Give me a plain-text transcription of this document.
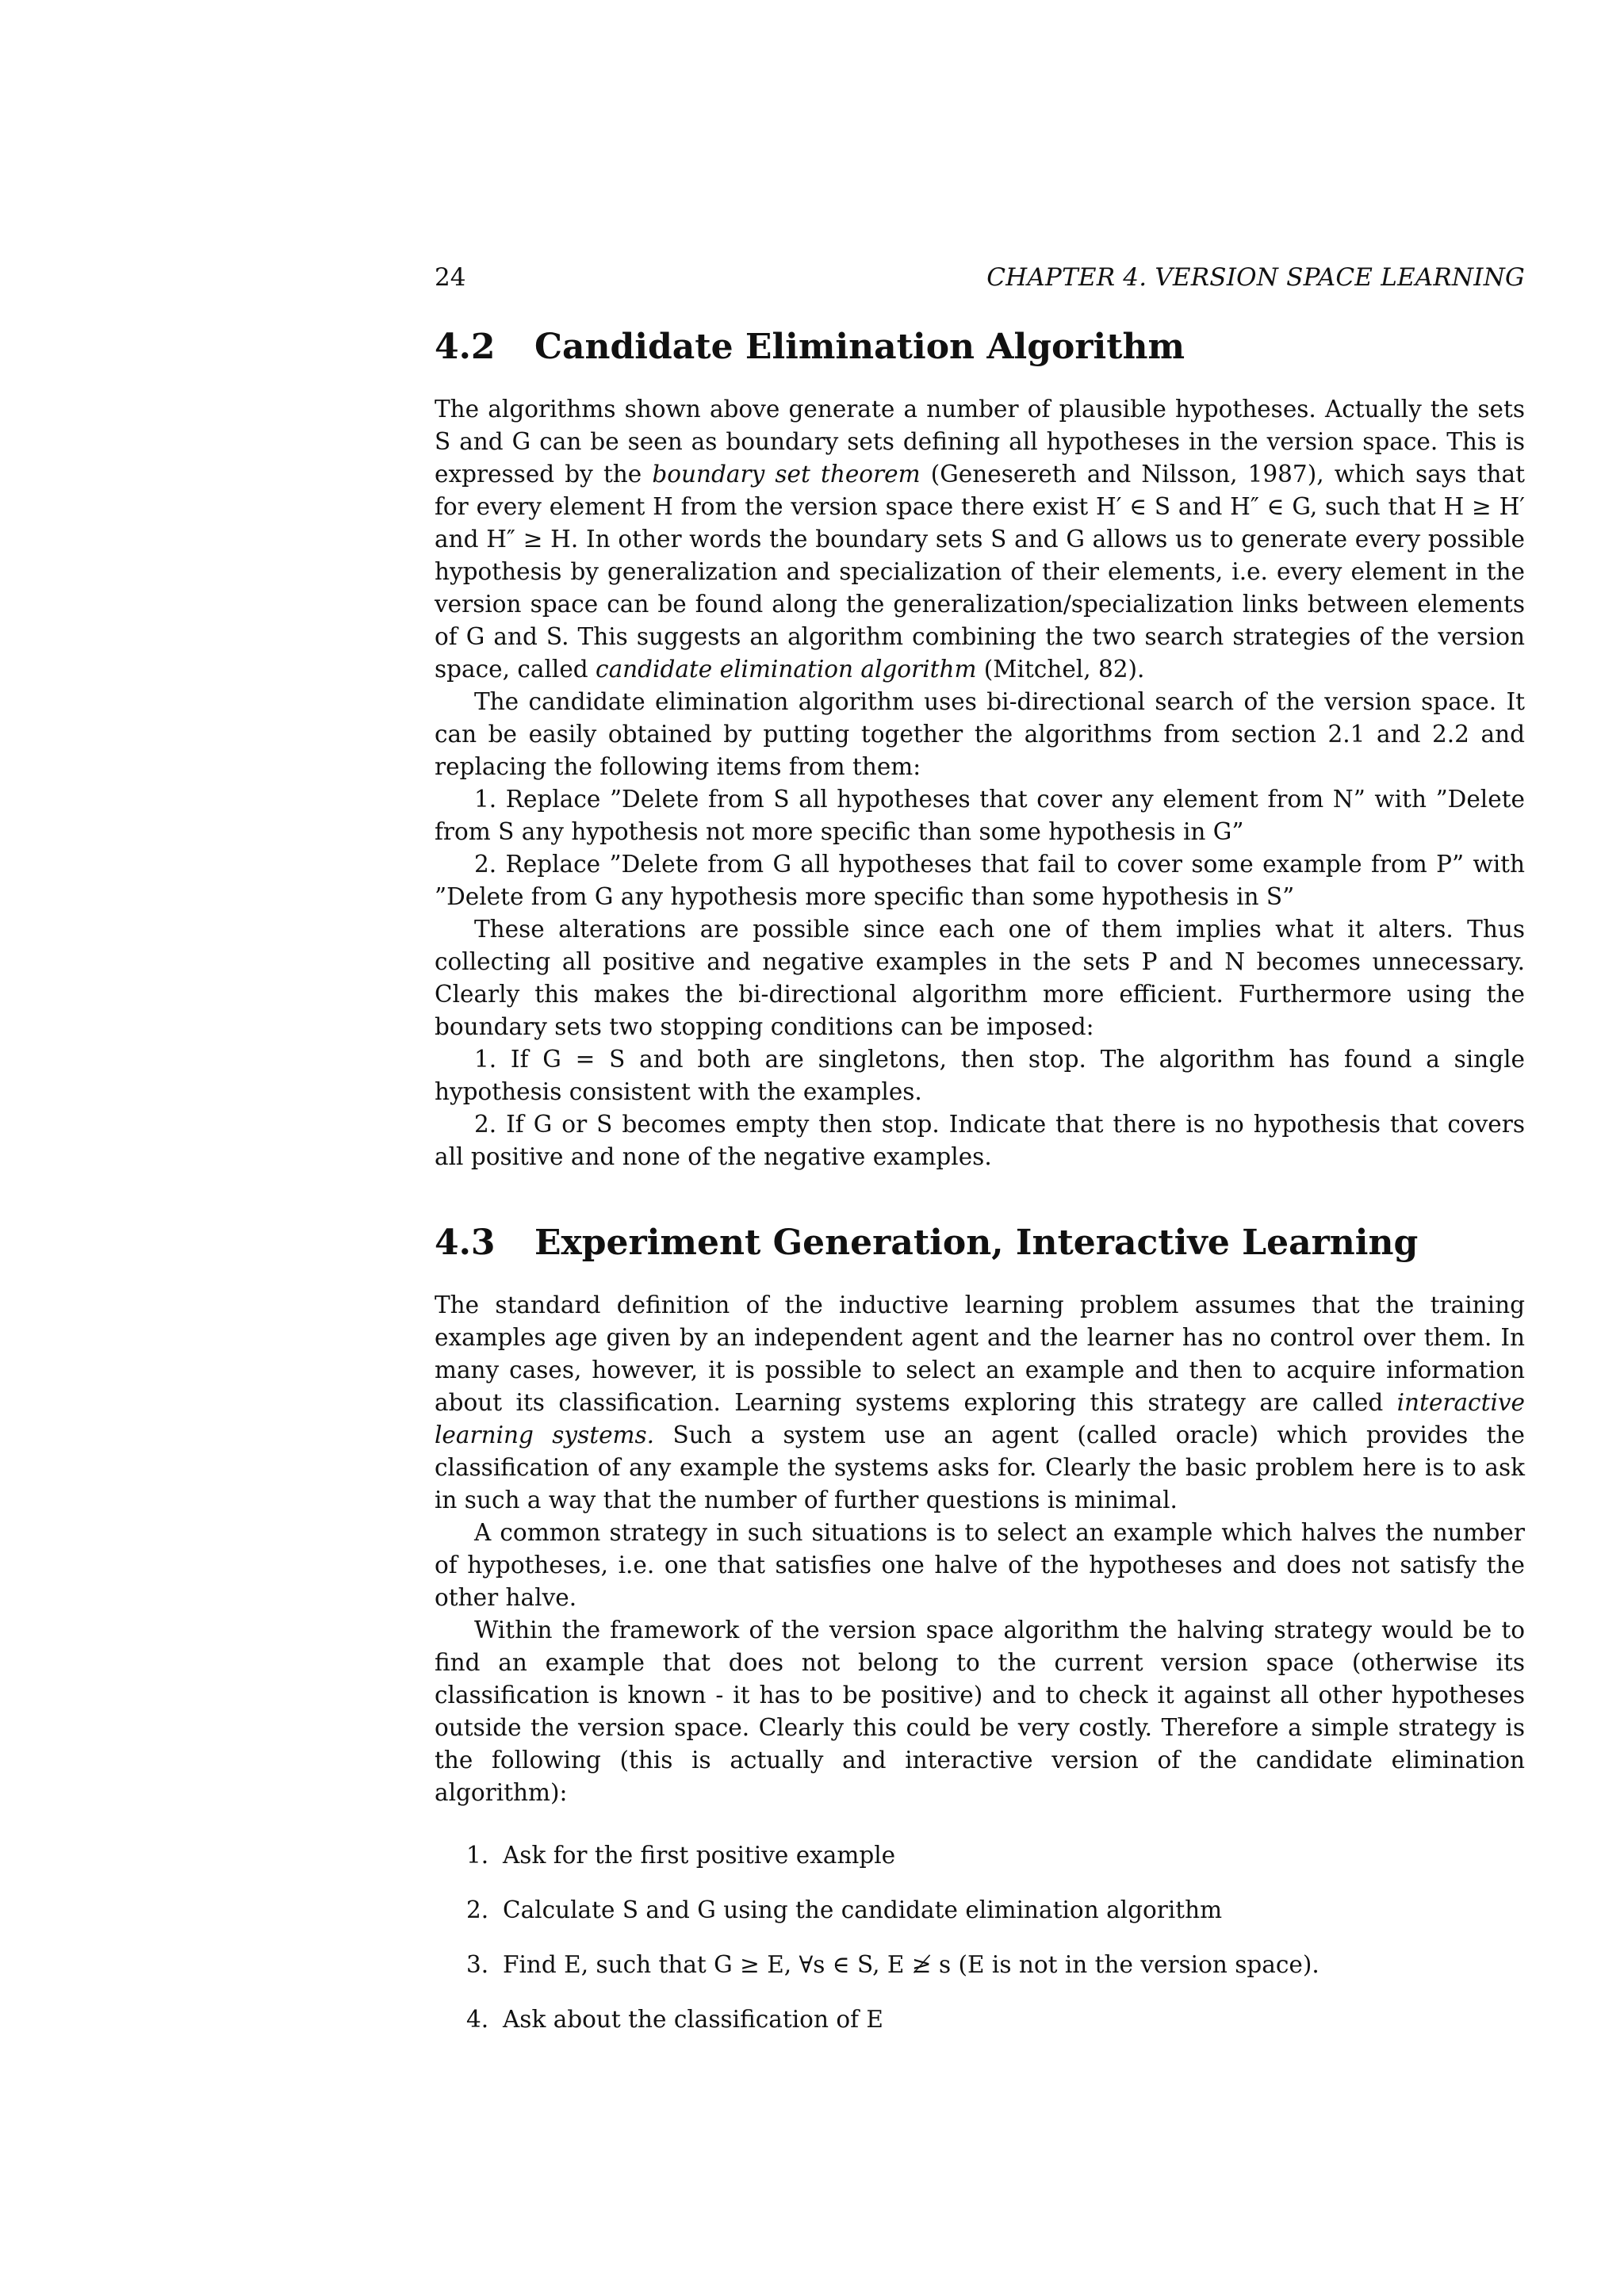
24	CHAPTER 4. VERSION SPACE LEARNING
4.2	Candidate Elimination Algorithm

The algorithms shown above generate a number of plausible hypotheses. Actually the sets S and G can be seen as boundary sets defining all hypotheses in the version space. This is expressed by the boundary set theorem (Genesereth and Nilsson, 1987), which says that for every element H from the version space there exist H′ ∈ S and H″ ∈ G, such that H ≥ H′ and H″ ≥ H. In other words the boundary sets S and G allows us to generate every possible hypothesis by generalization and specialization of their elements, i.e. every element in the version space can be found along the generalization/specialization links between elements of G and S. This suggests an algorithm combining the two search strategies of the version space, called candidate elimination algorithm (Mitchel, 82).

The candidate elimination algorithm uses bi-directional search of the version space. It can be easily obtained by putting together the algorithms from section 2.1 and 2.2 and replacing the following items from them:

1. Replace ”Delete from S all hypotheses that cover any element from N” with ”Delete from S any hypothesis not more specific than some hypothesis in G”

2. Replace ”Delete from G all hypotheses that fail to cover some example from P” with ”Delete from G any hypothesis more specific than some hypothesis in S”

These alterations are possible since each one of them implies what it alters. Thus collecting all positive and negative examples in the sets P and N becomes unnecessary. Clearly this makes the bi-directional algorithm more efficient. Furthermore using the boundary sets two stopping conditions can be imposed:

1. If G = S and both are singletons, then stop. The algorithm has found a single hypothesis consistent with the examples.

2. If G or S becomes empty then stop. Indicate that there is no hypothesis that covers all positive and none of the negative examples.

4.3	Experiment Generation, Interactive Learning

The standard definition of the inductive learning problem assumes that the training examples age given by an independent agent and the learner has no control over them. In many cases, however, it is possible to select an example and then to acquire information about its classification. Learning systems exploring this strategy are called interactive learning systems. Such a system use an agent (called oracle) which provides the classification of any example the systems asks for. Clearly the basic problem here is to ask in such a way that the number of further questions is minimal.

A common strategy in such situations is to select an example which halves the number of hypotheses, i.e. one that satisfies one halve of the hypotheses and does not satisfy the other halve.

Within the framework of the version space algorithm the halving strategy would be to find an example that does not belong to the current version space (otherwise its classification is known - it has to be positive) and to check it against all other hypotheses outside the version space. Clearly this could be very costly. Therefore a simple strategy is the following (this is actually and interactive version of the candidate elimination algorithm):

1. Ask for the first positive example
2. Calculate S and G using the candidate elimination algorithm
3. Find E, such that G ≥ E, ∀s ∈ S, E ≱ s (E is not in the version space).
4. Ask about the classification of E
